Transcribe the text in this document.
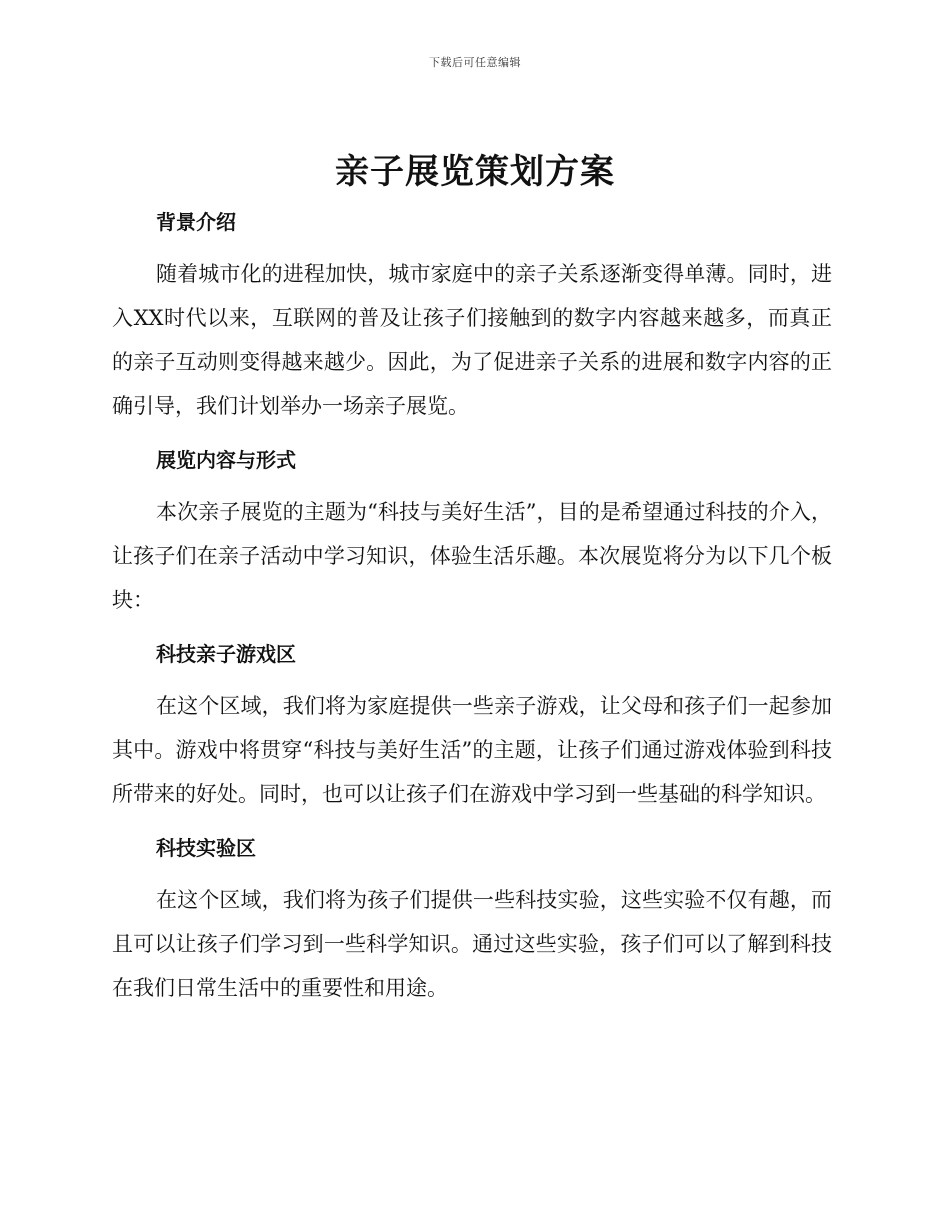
下载后可任意编辑
亲子展览策划方案
背景介绍

随着城市化的进程加快，城市家庭中的亲子关系逐渐变得单薄。同时，进入XX时代以来，互联网的普及让孩子们接触到的数字内容越来越多，而真正的亲子互动则变得越来越少。因此，为了促进亲子关系的进展和数字内容的正确引导，我们计划举办一场亲子展览。

展览内容与形式

本次亲子展览的主题为“科技与美好生活”，目的是希望通过科技的介入，让孩子们在亲子活动中学习知识，体验生活乐趣。本次展览将分为以下几个板块：

科技亲子游戏区

在这个区域，我们将为家庭提供一些亲子游戏，让父母和孩子们一起参加其中。游戏中将贯穿“科技与美好生活”的主题，让孩子们通过游戏体验到科技所带来的好处。同时，也可以让孩子们在游戏中学习到一些基础的科学知识。

科技实验区

在这个区域，我们将为孩子们提供一些科技实验，这些实验不仅有趣，而且可以让孩子们学习到一些科学知识。通过这些实验，孩子们可以了解到科技在我们日常生活中的重要性和用途。
